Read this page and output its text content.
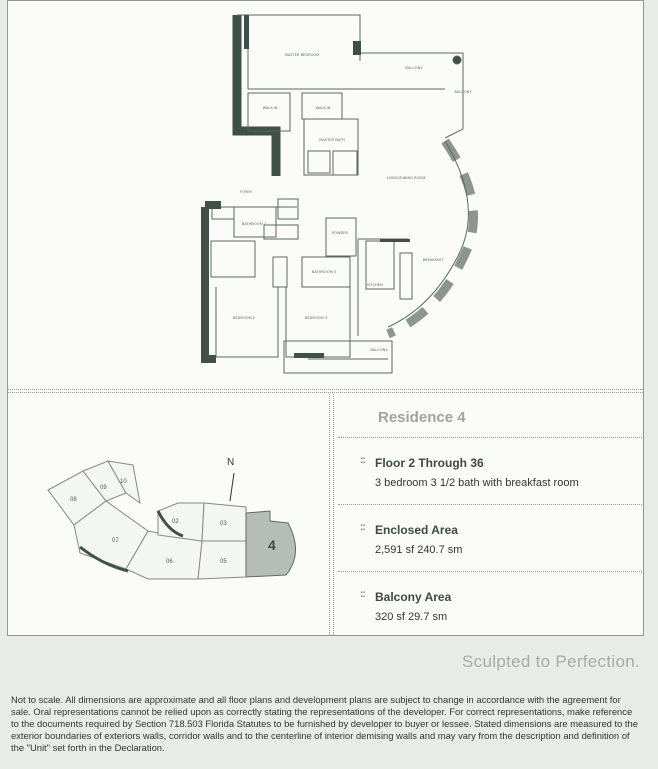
MASTER BEDROOM
BALCONY
WALK-IN	WALK-IN
MASTER BATH
LIVING/DINING ROOM
FOYER
BATHROOM 2
POWDER
KITCHEN
BREAKFAST
BEDROOM 2	BEDROOM 3
BATHROOM 3
BALCONY
BALCONY
N
08
09
10
07
06	05
02	03
4
Residence 4
:: Floor 2 Through 36
3 bedroom 3 1/2 bath with breakfast room
:: Enclosed Area
2,591 sf 240.7 sm
:: Balcony Area
320 sf 29.7 sm
Sculpted to Perfection.
Not to scale. All dimensions are approximate and all floor plans and development plans are subject to change in accordance with the agreement for sale. Oral representations cannot be relied upon as correctly stating the representations of the developer. For correct representations, make reference to the documents required by Section 718.503 Florida Statutes to be furnished by developer to buyer or lessee. Stated dimensions are measured to the exterior boundaries of exteriors walls, corridor walls and to the centerline of interior demising walls and may vary from the description and definition of the "Unit" set forth in the Declaration.
